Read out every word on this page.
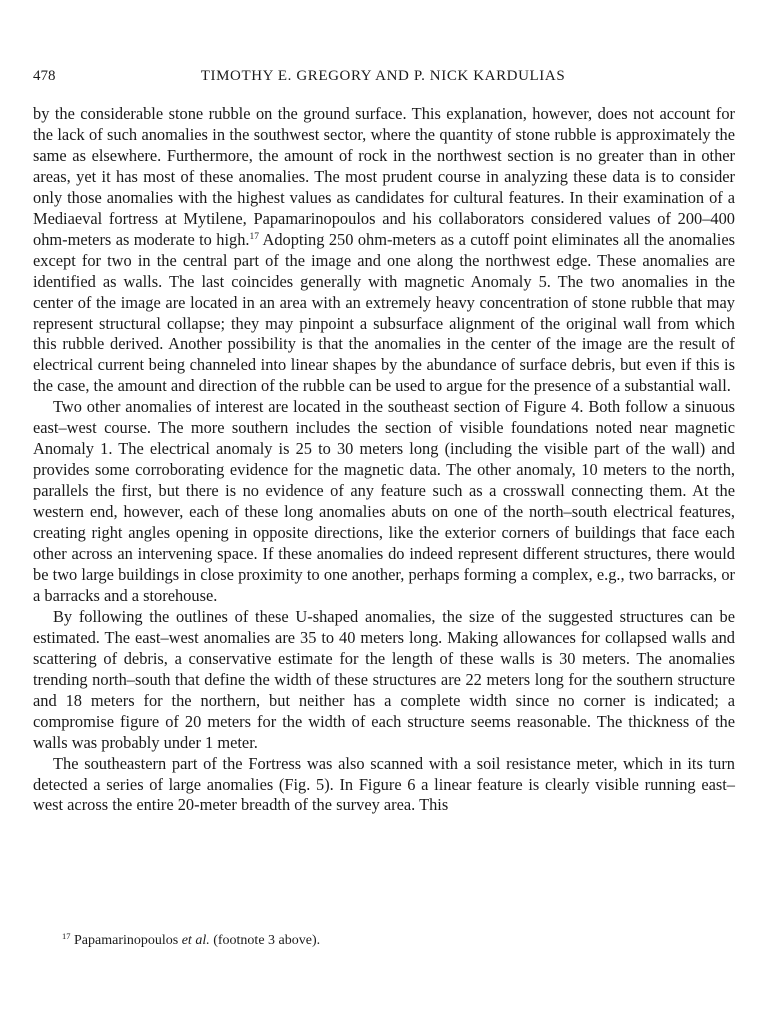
478	TIMOTHY E. GREGORY AND P. NICK KARDULIAS

by the considerable stone rubble on the ground surface. This explanation, however, does not account for the lack of such anomalies in the southwest sector, where the quantity of stone rubble is approximately the same as elsewhere. Furthermore, the amount of rock in the northwest section is no greater than in other areas, yet it has most of these anomalies. The most prudent course in analyzing these data is to consider only those anomalies with the highest values as candidates for cultural features. In their examination of a Mediaeval fortress at Mytilene, Papamarinopoulos and his collaborators considered values of 200–400 ohm-meters as moderate to high.$^{17}$ Adopting 250 ohm-meters as a cutoff point eliminates all the anomalies except for two in the central part of the image and one along the northwest edge. These anomalies are identified as walls. The last coincides generally with magnetic Anomaly 5. The two anomalies in the center of the image are located in an area with an extremely heavy concentration of stone rubble that may represent structural collapse; they may pinpoint a subsurface alignment of the original wall from which this rubble derived. Another possibility is that the anomalies in the center of the image are the result of electrical current being channeled into linear shapes by the abundance of surface debris, but even if this is the case, the amount and direction of the rubble can be used to argue for the presence of a substantial wall.

Two other anomalies of interest are located in the southeast section of Figure 4. Both follow a sinuous east–west course. The more southern includes the section of visible foundations noted near magnetic Anomaly 1. The electrical anomaly is 25 to 30 meters long (including the visible part of the wall) and provides some corroborating evidence for the magnetic data. The other anomaly, 10 meters to the north, parallels the first, but there is no evidence of any feature such as a crosswall connecting them. At the western end, however, each of these long anomalies abuts on one of the north–south electrical features, creating right angles opening in opposite directions, like the exterior corners of buildings that face each other across an intervening space. If these anomalies do indeed represent different structures, there would be two large buildings in close proximity to one another, perhaps forming a complex, e.g., two barracks, or a barracks and a storehouse.

By following the outlines of these U-shaped anomalies, the size of the suggested structures can be estimated. The east–west anomalies are 35 to 40 meters long. Making allowances for collapsed walls and scattering of debris, a conservative estimate for the length of these walls is 30 meters. The anomalies trending north–south that define the width of these structures are 22 meters long for the southern structure and 18 meters for the northern, but neither has a complete width since no corner is indicated; a compromise figure of 20 meters for the width of each structure seems reasonable. The thickness of the walls was probably under 1 meter.

The southeastern part of the Fortress was also scanned with a soil resistance meter, which in its turn detected a series of large anomalies (Fig. 5). In Figure 6 a linear feature is clearly visible running east–west across the entire 20-meter breadth of the survey area. This

$^{17}$ Papamarinopoulos et al. (footnote 3 above).
